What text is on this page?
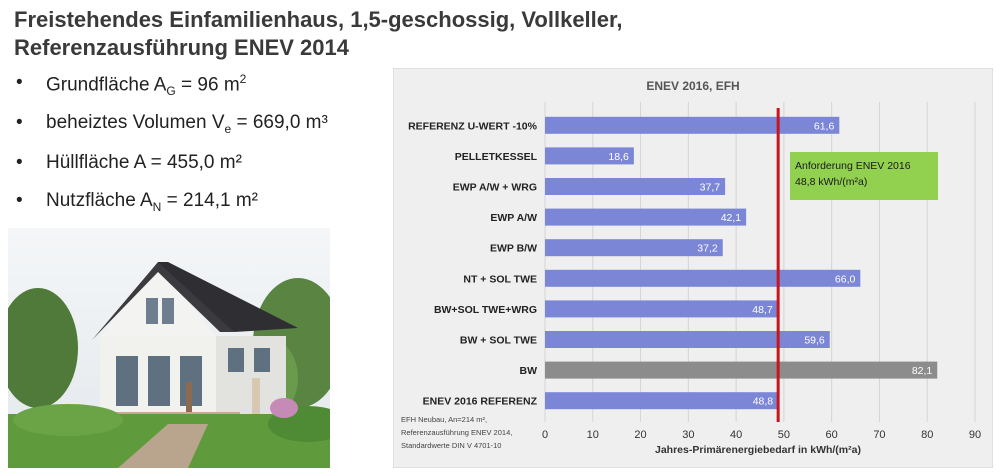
Freistehendes Einfamilienhaus, 1,5-geschossig, Vollkeller,
Referenzausführung ENEV 2014
• Grundfläche $A_G = 96$ $m^2$
• beheiztes Volumen $V_e = 669,0$ m³
• Hüllfläche A = 455,0 m²
• Nutzfläche $A_N = 214,1$ m²
ENEV 2016, EFH
REFERENZ U-WERT -10%	61,6
PELLETKESSEL	18,6
EWP A/W + WRG	37,7
EWP A/W	42,1
EWP B/W	37,2
NT + SOL TWE	66,0
BW+SOL TWE+WRG	48,7
BW + SOL TWE	59,6
BW	82,1
ENEV 2016 REFERENZ	48,8
Anforderung ENEV 2016
48,8 kWh/(m²a)
0	10	20	30	40	50	60	70	80	90
Jahres-Primärenergiebedarf in kWh/(m²a)
EFH Neubau, An=214 m²,
Referenzausführung ENEV 2014,
Standardwerte DIN V 4701-10
